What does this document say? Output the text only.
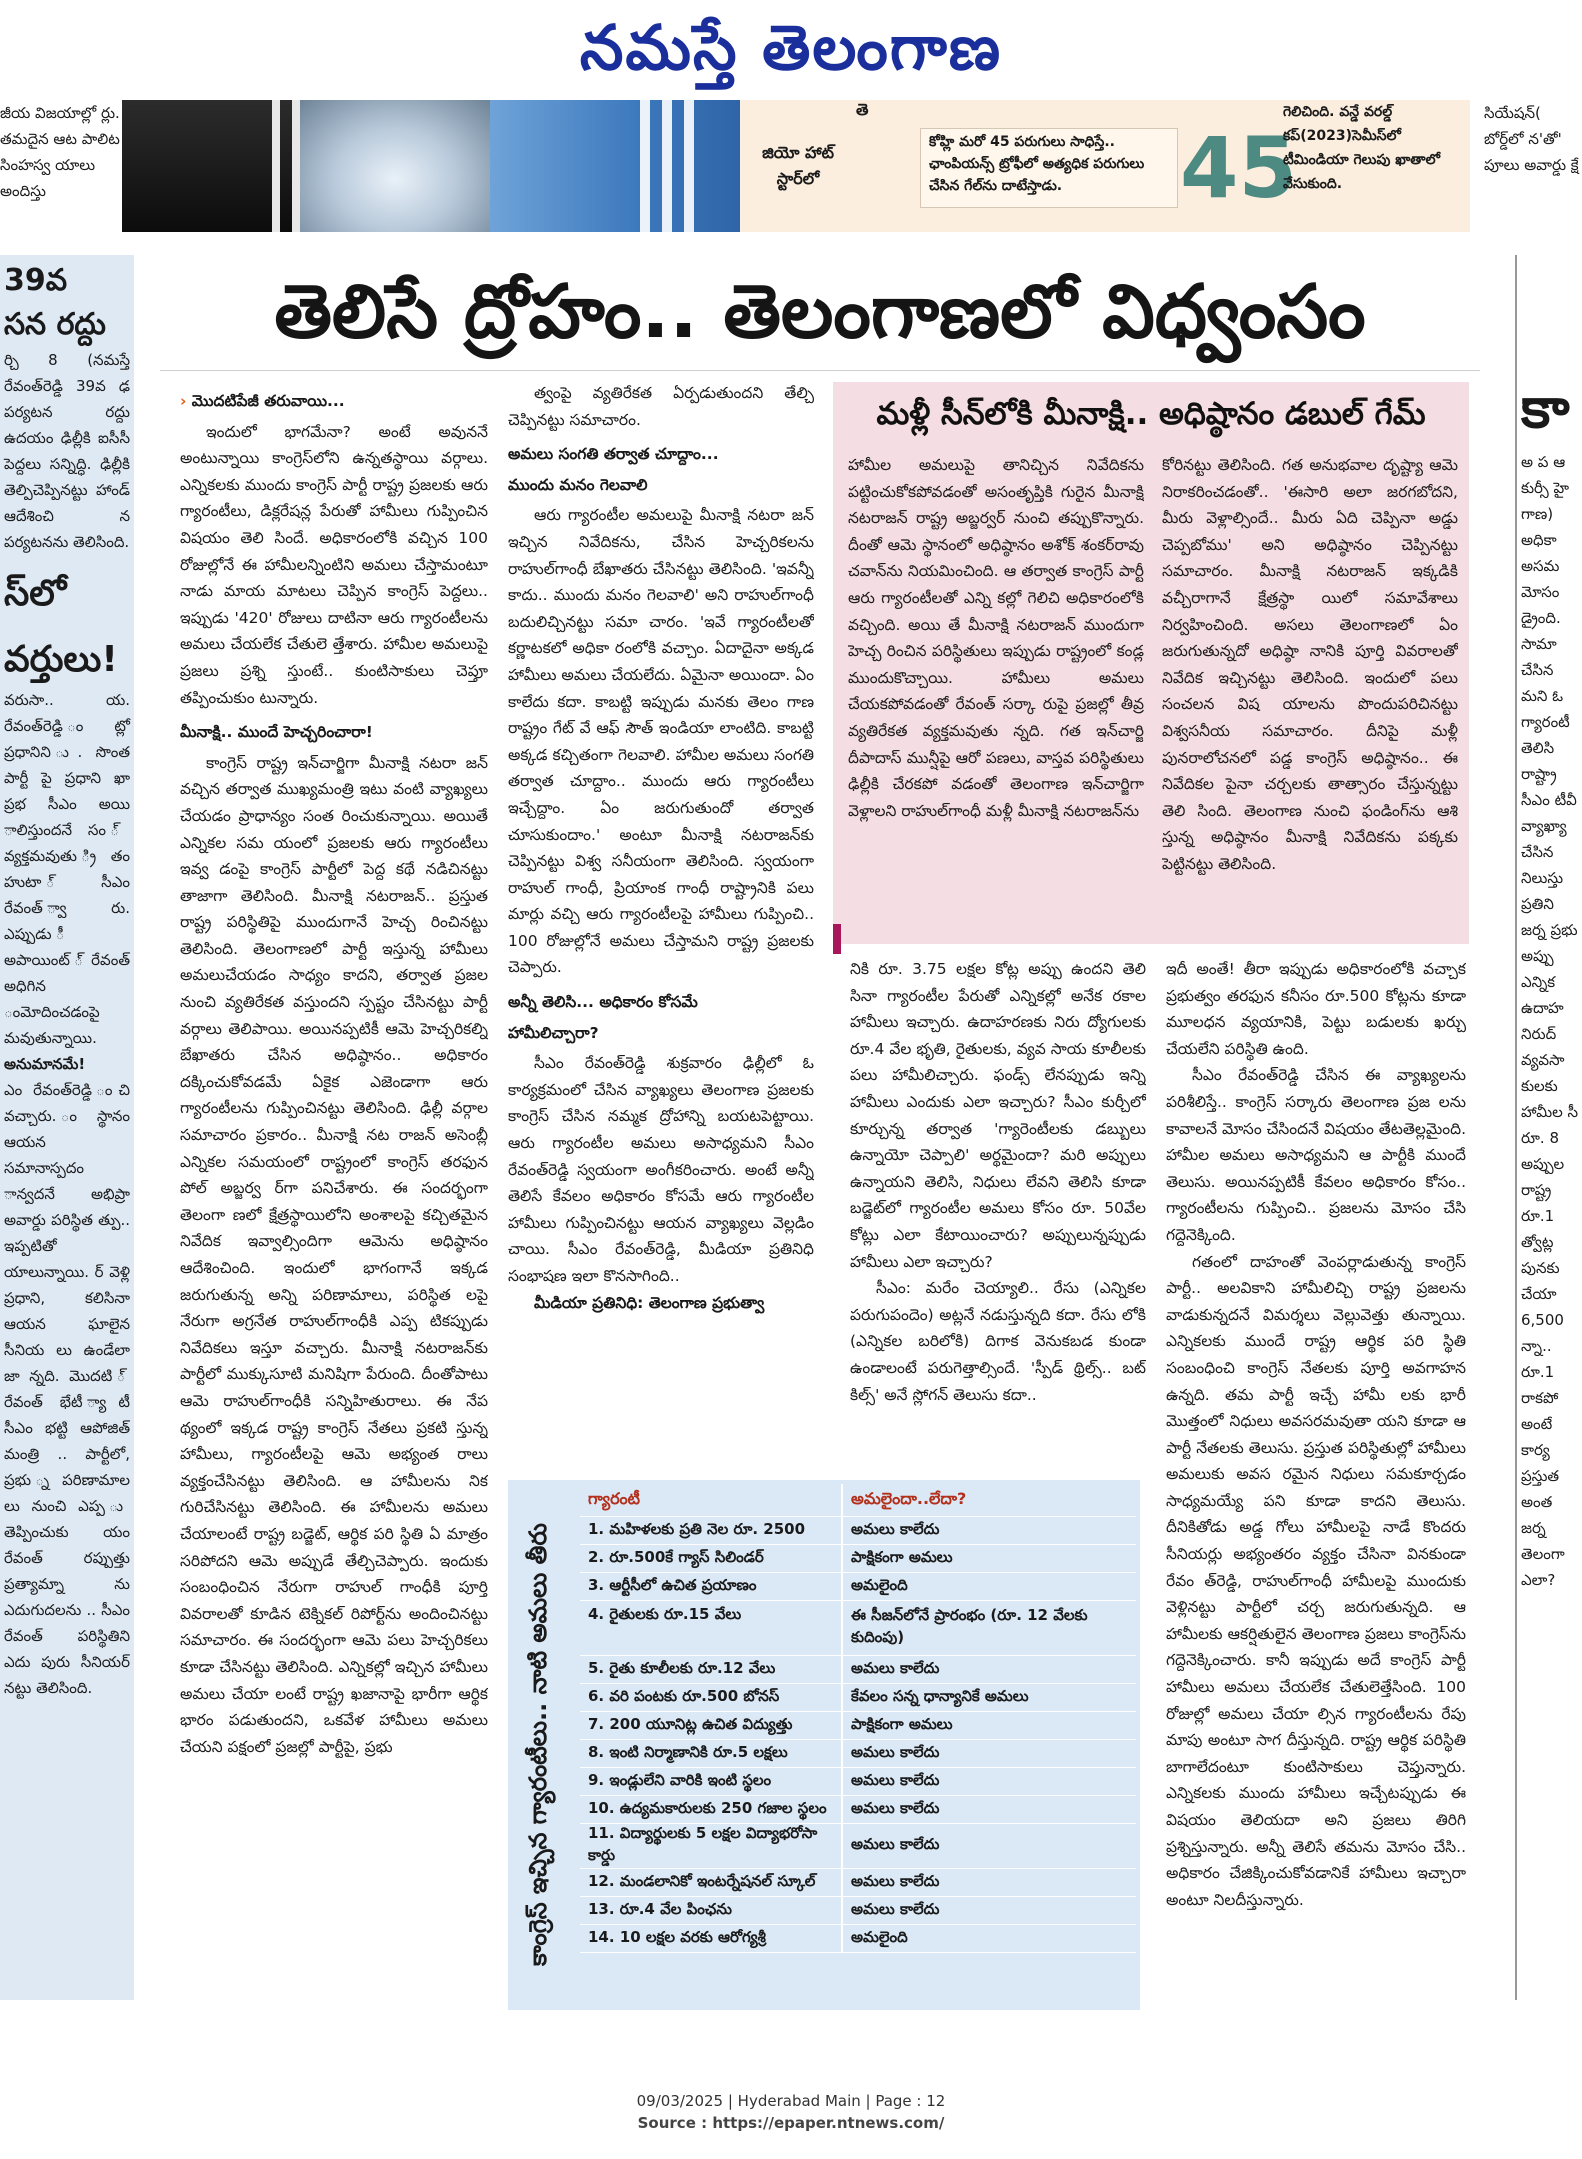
నమస్తే తెలంగాణ
జీయ విజయాల్లో ర్లు. తమదైన ఆట పాలిట సింహస్వ యాలు అందిస్తు
తె
జియో హాట్ స్టార్‌లో
కోహ్లి మరో 45 పరుగులు సాధిస్తే.. ఛాంపియన్స్ ట్రోఫీలో అత్యధిక పరుగులు చేసిన గేల్‌ను దాటేస్తాడు.	45
గెలిచింది. వన్డే వరల్డ్ కప్(2023)సెమీస్‌లో టీమిండియా గెలుపు ఖాతాలో వేసుకుంది.
సియేషన్( బోర్డ్‌లో న'తో' పూలు అవార్డు క్షే
39వ
సన రద్దు
ర్చి 8 (నమస్తే రేవంత్‌రెడ్డి 39వ ఢ పర్యటన రద్దు ఉదయం ఢిల్లీకి ఐసీసీ పెద్దలు సన్నిద్ధి. ఢిల్లీకి తెల్పిచెప్పినట్టు హాండ్ ఆదేశించి న పర్యటనను తెలిసింది.
స్‌లో
వర్తులు!
వరుసా.. య. రేవంత్‌రెడ్డి ంట్లో ప్రధానిని ు. సొంత పార్టీ పై ప్రధాని ఖా ప్రభ సీఎం అయి ాలిస్తుందనే సం ్ వ్యక్తమవుతు ్రితం హుటా ్ సీఎం రేవంత్ ్వారు. ఎప్పుడు ీ అపాయింట్ ్ రేవంత్ అధిగిన ంమోదించడంపై మవుతున్నాయి.
అనుమానమే!
ఎం రేవంత్‌రెడ్డి ంచి వచ్చారు. ంస్థానం ఆయన సమానాస్పదం ాన్వదనే అభిప్రా అవార్డు పరిస్థిత త్పు.. ఇప్పటితో యాలున్నాయి. ర్ వెళ్లి ప్రధాని, కలిసినా ఆయన ఘాలైన సీనియ లు ఉండేలా జా న్నది. మొదటి ్ రేవంత్ భేటీ ్యాటీ సీఎం భట్టి ఆపోజిత్ మంత్రి .. పార్టీలో, ప్రభు ్న పరిణామాల లు నుంచి ఎప్ప ు తెప్పించుకు యం రేవంత్ రప్పుత్తు ప్రత్యామ్నా ను ఎదుగుదలను .. సీఎం రేవంత్ పరిస్థితిని ఎదు పురు సీనియర్ నట్టు తెలిసింది.
కా
అ ప ఆ కుర్సీ హై గాణ) అధికా అసమ మోసం డ్రైంది. సామా చేసిన మని ఓ గ్యారంటీ తెలిసి రాష్ట్రా సీఎం టీవీ వ్యాఖ్యా చేసిన నిలుస్తు ప్రతిని జర్న ప్రభు అప్పు ఎన్నిక ఉదాహ నిరుద్ వ్యవసా కులకు హామీల సీ రూ. 8 అప్పుల రాష్ట్ర రూ.1 త్వోట్ల పునకు చేయా 6,500 న్నా.. రూ.1 రాకపో అంటే కార్య ప్రస్తుత అంత జర్న తెలంగా ఎలా?
తెలిసే ద్రోహం.. తెలంగాణలో విధ్వంసం

› మొదటిపేజీ తరువాయి...

ఇందులో భాగమేనా? అంటే అవుననే అంటున్నాయి కాంగ్రెస్‌లోని ఉన్నతస్థాయి వర్గాలు. ఎన్నికలకు ముందు కాంగ్రెస్ పార్టీ రాష్ట్ర ప్రజలకు ఆరు గ్యారంటీలు, డిక్లరేషన్ల పేరుతో హామీలు గుప్పించిన విషయం తెలి సిందే. అధికారంలోకి వచ్చిన 100 రోజుల్లోనే ఈ హామీలన్నింటిని అమలు చేస్తామంటూ నాడు మాయ మాటలు చెప్పిన కాంగ్రెస్ పెద్దలు.. ఇప్పుడు '420' రోజులు దాటినా ఆరు గ్యారంటీలను అమలు చేయలేక చేతులె త్తేశారు. హామీల అమలుపై ప్రజలు ప్రశ్ని స్తుంటే.. కుంటిసాకులు చెప్తూ తప్పించుకుం టున్నారు.

మీనాక్షి.. ముందే హెచ్చరించారా!

కాంగ్రెస్ రాష్ట్ర ఇన్‌చార్జిగా మీనాక్షి నటరా జన్ వచ్చిన తర్వాత ముఖ్యమంత్రి ఇటు వంటి వ్యాఖ్యలు చేయడం ప్రాధాన్యం సంత రించుకున్నాయి. అయితే ఎన్నికల సమ యంలో ప్రజలకు ఆరు గ్యారంటీలు ఇవ్వ డంపై కాంగ్రెస్ పార్టీలో పెద్ద కథే నడిచినట్టు తాజాగా తెలిసింది. మీనాక్షి నటరాజన్.. ప్రస్తుత రాష్ట్ర పరిస్థితిపై ముందుగానే హెచ్చ రించినట్టు తెలిసింది. తెలంగాణలో పార్టీ ఇస్తున్న హామీలు అమలుచేయడం సాధ్యం కాదని, తర్వాత ప్రజల నుంచి వ్యతిరేకత వస్తుందని స్పష్టం చేసినట్టు పార్టీ వర్గాలు తెలిపాయి. అయినప్పటికీ ఆమె హెచ్చరికల్ని బేఖాతరు చేసిన అధిష్ఠానం.. అధికారం దక్కించుకోవడమే ఏకైక ఎజెండాగా ఆరు గ్యారంటీలను గుప్పించినట్టు తెలిసింది. ఢిల్లీ వర్గాల సమాచారం ప్రకారం.. మీనాక్షి నట రాజన్ అసెంబ్లీ ఎన్నికల సమయంలో రాష్ట్రంలో కాంగ్రెస్ తరఫున పోల్ అబ్జర్వ ర్‌గా పనిచేశారు. ఈ సందర్భంగా తెలంగా ణలో క్షేత్రస్థాయిలోని అంశాలపై కచ్చితమైన నివేదిక ఇవ్వాల్సిందిగా ఆమెను అధిష్ఠానం ఆదేశించింది. ఇందులో భాగంగానే ఇక్కడ జరుగుతున్న అన్ని పరిణామాలు, పరిస్థిత లపై నేరుగా అగ్రనేత రాహుల్‌గాంధీకి ఎప్ప టికప్పుడు నివేదికలు ఇస్తూ వచ్చారు. మీనాక్షి నటరాజన్‌కు పార్టీలో ముక్కుసూటి మనిషిగా పేరుంది. దీంతోపాటు ఆమె రాహుల్‌గాంధీకి సన్నిహితురాలు. ఈ నేప థ్యంలో ఇక్కడ రాష్ట్ర కాంగ్రెస్ నేతలు ప్రకటి స్తున్న హామీలు, గ్యారంటీలపై ఆమె అభ్యంత రాలు వ్యక్తంచేసినట్టు తెలిసింది. ఆ హామీలను నిక గురిచేసినట్టు తెలిసింది. ఈ హామీలను అమలు చేయాలంటే రాష్ట్ర బడ్జెట్, ఆర్థిక పరి స్థితి ఏ మాత్రం సరిపోదని ఆమె అప్పుడే తేల్చిచెప్పారు. ఇందుకు సంబంధించిన నేరుగా రాహుల్ గాంధీకి పూర్తి వివరాలతో కూడిన టెక్నికల్ రిపోర్ట్‌ను అందించినట్టు సమాచారం. ఈ సందర్భంగా ఆమె పలు హెచ్చరికలు కూడా చేసినట్టు తెలిసింది. ఎన్నికల్లో ఇచ్చిన హామీలు అమలు చేయా లంటే రాష్ట్ర ఖజానాపై భారీగా ఆర్థిక భారం పడుతుందని, ఒకవేళ హామీలు అమలు చేయని పక్షంలో ప్రజల్లో పార్టీపై, ప్రభు

త్వంపై వ్యతిరేకత ఏర్పడుతుందని తేల్చి చెప్పినట్టు సమాచారం.

అమలు సంగతి తర్వాత చూద్దాం...

ముందు మనం గెలవాలి

ఆరు గ్యారంటీల అమలుపై మీనాక్షి నటరా జన్ ఇచ్చిన నివేదికను, చేసిన హెచ్చరికలను రాహుల్‌గాంధీ బేఖాతరు చేసినట్టు తెలిసింది. 'ఇవన్నీ కాదు.. ముందు మనం గెలవాలి' అని రాహుల్‌గాంధీ బదులిచ్చినట్టు సమా చారం. 'ఇవే గ్యారంటీలతో కర్ణాటకలో అధికా రంలోకి వచ్చాం. ఏదాదైనా అక్కడ హామీలు అమలు చేయలేదు. ఏమైనా అయిందా. ఏం కాలేదు కదా. కాబట్టి ఇప్పుడు మనకు తెలం గాణ రాష్ట్రం గేట్ వే ఆఫ్ సౌత్ ఇండియా లాంటిది. కాబట్టి అక్కడ కచ్చితంగా గెలవాలి. హామీల అమలు సంగతి తర్వాత చూద్దాం.. ముందు ఆరు గ్యారంటీలు ఇచ్చేద్దాం. ఏం జరుగుతుందో తర్వాత చూసుకుందాం.' అంటూ మీనాక్షి నటరాజన్‌కు చెప్పినట్టు విశ్వ సనీయంగా తెలిసింది. స్వయంగా రాహుల్ గాంధీ, ప్రియాంక గాంధీ రాష్ట్రానికి పలు మార్లు వచ్చి ఆరు గ్యారంటీలపై హామీలు గుప్పించి.. 100 రోజుల్లోనే అమలు చేస్తామని రాష్ట్ర ప్రజలకు చెప్పారు.

అన్నీ తెలిసి... అధికారం కోసమే

హామీలిచ్చారా?

సీఎం రేవంత్‌రెడ్డి శుక్రవారం ఢిల్లీలో ఓ కార్యక్రమంలో చేసిన వ్యాఖ్యలు తెలంగాణ ప్రజలకు కాంగ్రెస్ చేసిన నమ్మక ద్రోహాన్ని బయటపెట్టాయి. ఆరు గ్యారంటీల అమలు అసాధ్యమని సీఎం రేవంత్‌రెడ్డి స్వయంగా అంగీకరించారు. అంటే అన్నీ తెలిసే కేవలం అధికారం కోసమే ఆరు గ్యారంటీల హామీలు గుప్పించినట్టు ఆయన వ్యాఖ్యలు వెల్లడిం చాయి. సీఎం రేవంత్‌రెడ్డి, మీడియా ప్రతినిధి సంభాషణ ఇలా కొనసాగింది..

మీడియా ప్రతినిధి: తెలంగాణ ప్రభుత్వా

మళ్లీ సీన్‌లోకి మీనాక్షి.. అధిష్ఠానం డబుల్ గేమ్
హామీల అమలుపై తానిచ్చిన నివేదికను పట్టించుకోకపోవడంతో అసంతృప్తికి గురైన మీనాక్షి నటరాజన్ రాష్ట్ర అబ్జర్వర్ నుంచి తప్పుకొన్నారు. దీంతో ఆమె స్థానంలో అధిష్ఠానం అశోక్ శంకర్‌రావు చవాన్‌ను నియమించింది. ఆ తర్వాత కాంగ్రెస్ పార్టీ ఆరు గ్యారంటీలతో ఎన్ని కల్లో గెలిచి అధికారంలోకి వచ్చింది. అయి తే మీనాక్షి నటరాజన్ ముందుగా హెచ్చ రించిన పరిస్థితులు ఇప్పుడు రాష్ట్రంలో కండ్ల ముందుకొచ్చాయి. హామీలు అమలు చేయకపోవడంతో రేవంత్ సర్కా రుపై ప్రజల్లో తీవ్ర వ్యతిరేకత వ్యక్తమవుతు న్నది. గత ఇన్‌చార్జి దీపాదాస్ మున్షీపై ఆరో పణలు, వాస్తవ పరిస్థితులు ఢిల్లీకి చేరకపో వడంతో తెలంగాణ ఇన్‌చార్జిగా వెళ్లాలని రాహుల్‌గాంధీ మళ్లీ మీనాక్షి నటరాజన్‌ను
కోరినట్టు తెలిసింది. గత అనుభవాల దృష్ట్యా ఆమె నిరాకరించడంతో.. 'ఈసారి అలా జరగబోదని, మీరు వెళ్లాల్సిందే.. మీరు ఏది చెప్పినా అడ్డు చెప్పబోము' అని అధిష్ఠానం చెప్పినట్టు సమాచారం. మీనాక్షి నటరాజన్ ఇక్కడికి వచ్చీరాగానే క్షేత్రస్థా యిలో సమావేశాలు నిర్వహించింది. అసలు తెలంగాణలో ఏం జరుగుతున్నదో అధిష్ఠా నానికి పూర్తి వివరాలతో నివేదిక ఇచ్చినట్టు తెలిసింది. ఇందులో పలు సంచలన విష యాలను పొందుపరిచినట్టు విశ్వసనీయ సమాచారం. దీనిపై మళ్లీ పునరాలోచనలో పడ్డ కాంగ్రెస్ అధిష్ఠానం.. ఈ నివేదికల పైనా చర్చలకు తాత్సారం చేస్తున్నట్టు తెలి సింది. తెలంగాణ నుంచి ఫండింగ్‌ను ఆశి స్తున్న అధిష్ఠానం మీనాక్షి నివేదికను పక్కకు పెట్టినట్టు తెలిసింది.

నికి రూ. 3.75 లక్షల కోట్ల అప్పు ఉందని తెలి సినా గ్యారంటీల పేరుతో ఎన్నికల్లో అనేక రకాల హామీలు ఇచ్చారు. ఉదాహరణకు నిరు ద్యోగులకు రూ.4 వేల భృతి, రైతులకు, వ్యవ సాయ కూలీలకు పలు హామీలిచ్చారు. ఫండ్స్ లేనప్పుడు ఇన్ని హామీలు ఎందుకు ఎలా ఇచ్చారు? సీఎం కుర్చీలో కూర్చున్న తర్వాత 'గ్యారెంటీలకు డబ్బులు ఉన్నాయో చెప్పాలి' అర్థమైందా? మరి అప్పులు ఉన్నాయని తెలిసి, నిధులు లేవని తెలిసి కూడా బడ్జెట్‌లో గ్యారంటీల అమలు కోసం రూ. 50వేల కోట్లు ఎలా కేటాయించారు? అప్పులున్నప్పుడు హామీలు ఎలా ఇచ్చారు?

సీఎం: మరేం చెయ్యాలి.. రేసు (ఎన్నికల పరుగుపందెం) అట్లనే నడుస్తున్నది కదా. రేసు లోకి (ఎన్నికల బరిలోకి) దిగాక వెనుకబడ కుండా ఉండాలంటే పరుగెత్తాల్సిందే. 'స్పీడ్ థ్రిల్స్.. బట్ కిల్స్' అనే స్లోగన్ తెలుసు కదా..

ఇదీ అంతే! తీరా ఇప్పుడు అధికారంలోకి వచ్చాక ప్రభుత్వం తరఫున కనీసం రూ.500 కోట్లను కూడా మూలధన వ్యయానికి, పెట్టు బడులకు ఖర్చు చేయలేని పరిస్థితి ఉంది.

సీఎం రేవంత్‌రెడ్డి చేసిన ఈ వ్యాఖ్యలను పరిశీలిస్తే.. కాంగ్రెస్ సర్కారు తెలంగాణ ప్రజ లను కావాలనే మోసం చేసిందనే విషయం తేటతెల్లమైంది. హామీల అమలు అసాధ్యమని ఆ పార్టీకి ముందే తెలుసు. అయినప్పటికీ కేవలం అధికారం కోసం.. గ్యారంటీలను గుప్పించి.. ప్రజలను మోసం చేసి గద్దెనెక్కింది.

గతంలో దాహంతో వెంపర్లాడుతున్న కాంగ్రెస్ పార్టీ.. అలవికాని హామీలిచ్చి రాష్ట్ర ప్రజలను వాడుకున్నదనే విమర్శలు వెల్లువెత్తు తున్నాయి. ఎన్నికలకు ముందే రాష్ట్ర ఆర్థిక పరి స్థితి సంబంధించి కాంగ్రెస్ నేతలకు పూర్తి అవగాహన ఉన్నది. తమ పార్టీ ఇచ్చే హామీ లకు భారీ మొత్తంలో నిధులు అవసరమవుతా యని కూడా ఆ పార్టీ నేతలకు తెలుసు. ప్రస్తుత పరిస్థితుల్లో హామీలు అమలుకు అవస రమైన నిధులు సమకూర్చడం సాధ్యమయ్యే పని కూడా కాదని తెలుసు. దీనికితోడు అడ్డ గోలు హామీలపై నాడే కొందరు సీనియర్లు అభ్యంతరం వ్యక్తం చేసినా వినకుండా రేవం త్‌రెడ్డి, రాహుల్‌గాంధీ హామీలపై ముందుకు వెళ్లినట్టు పార్టీలో చర్చ జరుగుతున్నది. ఆ హామీలకు ఆకర్షితులైన తెలంగాణ ప్రజలు కాంగ్రెస్‌ను గద్దెనెక్కించారు. కానీ ఇప్పుడు అదే కాంగ్రెస్ పార్టీ హామీలు అమలు చేయలేక చేతులెత్తేసింది. 100 రోజుల్లో అమలు చేయా ల్సిన గ్యారంటీలను రేపు మాపు అంటూ సాగ దీస్తున్నది. రాష్ట్ర ఆర్థిక పరిస్థితి బాగాలేదంటూ కుంటిసాకులు చెప్తున్నారు. ఎన్నికలకు ముందు హామీలు ఇచ్చేటప్పుడు ఈ విషయం తెలియదా అని ప్రజలు తిరిగి ప్రశ్నిస్తున్నారు. అన్నీ తెలిసే తమను మోసం చేసి.. అధికారం చేజిక్కించుకోవడానికే హామీలు ఇచ్చారా అంటూ నిలదీస్తున్నారు.

కాంగ్రెస్ ఇచ్చిన గ్యారంటీలు.. నాటి అమలు తీరు
గ్యారంటీ	అమలైందా..లేదా?
1. మహిళలకు ప్రతి నెల రూ. 2500	అమలు కాలేదు
2. రూ.500కే గ్యాస్ సిలిండర్	పాక్షికంగా అమలు
3. ఆర్టీసీలో ఉచిత ప్రయాణం	అమలైంది
4. రైతులకు రూ.15 వేలు	ఈ సీజన్‌లోనే ప్రారంభం (రూ. 12 వేలకు కుదింపు)
5. రైతు కూలీలకు రూ.12 వేలు	అమలు కాలేదు
6. వరి పంటకు రూ.500 బోనస్	కేవలం సన్న ధాన్యానికే అమలు
7. 200 యూనిట్ల ఉచిత విద్యుత్తు	పాక్షికంగా అమలు
8. ఇంటి నిర్మాణానికి రూ.5 లక్షలు	అమలు కాలేదు
9. ఇండ్లులేని వారికి ఇంటి స్థలం	అమలు కాలేదు
10. ఉద్యమకారులకు 250 గజాల స్థలం	అమలు కాలేదు
11. విద్యార్థులకు 5 లక్షల విద్యాభరోసా కార్డు	అమలు కాలేదు
12. మండలానికో ఇంటర్నేషనల్ స్కూల్	అమలు కాలేదు
13. రూ.4 వేల పింఛను	అమలు కాలేదు
14. 10 లక్షల వరకు ఆరోగ్యశ్రీ	అమలైంది
09/03/2025 | Hyderabad Main | Page : 12
Source : https://epaper.ntnews.com/
